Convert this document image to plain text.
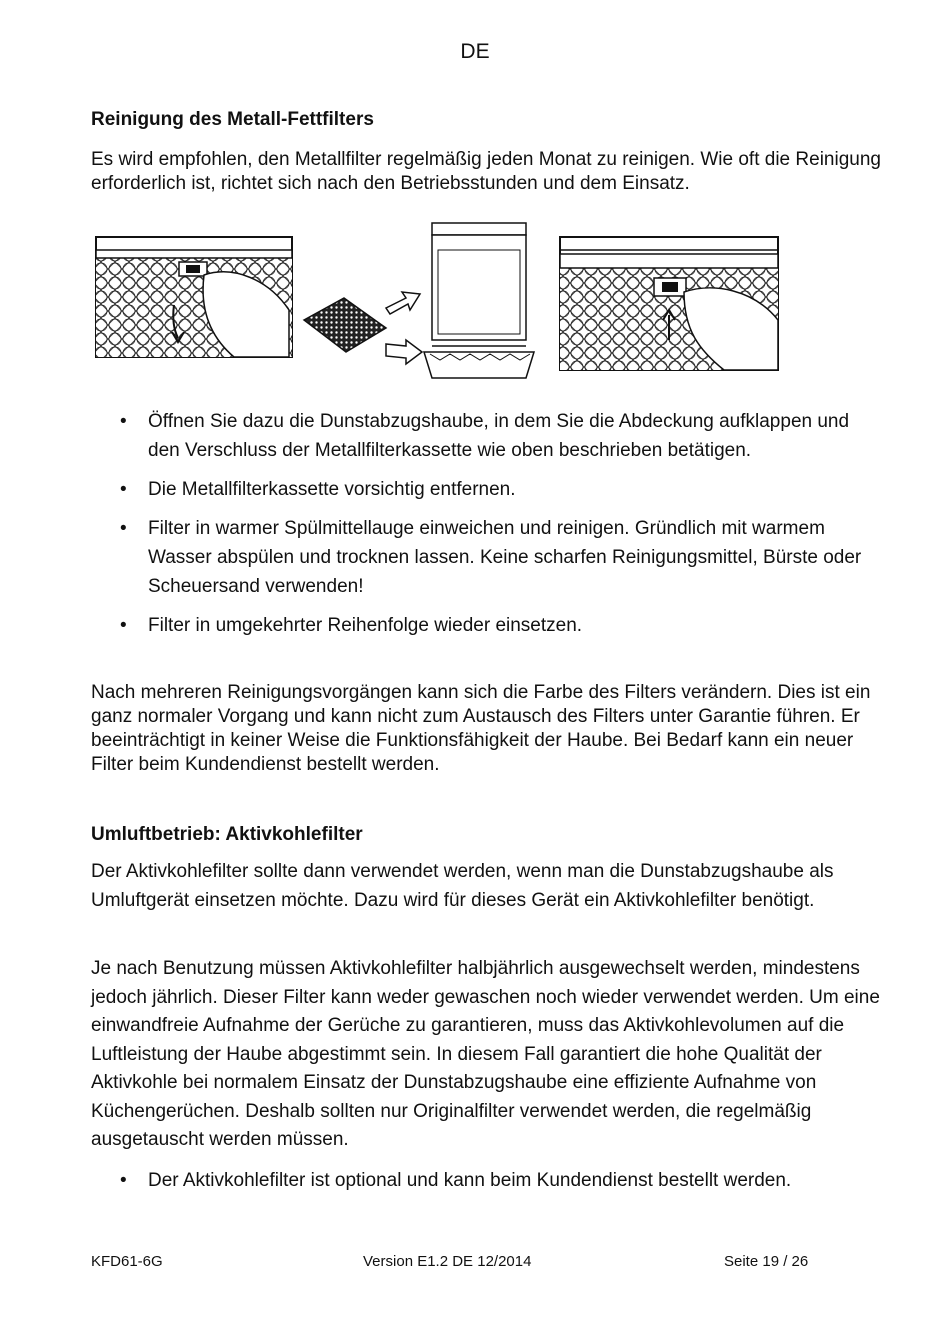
DE
Reinigung des Metall-Fettfilters
Es wird empfohlen, den Metallfilter regelmäßig jeden Monat zu reinigen. Wie oft die Reinigung erforderlich ist, richtet sich nach den Betriebsstunden und dem Einsatz.
• Öffnen Sie dazu die Dunstabzugshaube, in dem Sie die Abdeckung aufklappen und den Verschluss der Metallfilterkassette wie oben beschrieben betätigen.
• Die Metallfilterkassette vorsichtig entfernen.
• Filter in warmer Spülmittellauge einweichen und reinigen. Gründlich mit warmem Wasser abspülen und trocknen lassen. Keine scharfen Reinigungsmittel, Bürste oder Scheuersand verwenden!
• Filter in umgekehrter Reihenfolge wieder einsetzen.
Nach mehreren Reinigungsvorgängen kann sich die Farbe des Filters verändern. Dies ist ein ganz normaler Vorgang und kann nicht zum Austausch des Filters unter Garantie führen. Er beeinträchtigt in keiner Weise die Funktionsfähigkeit der Haube. Bei Bedarf kann ein neuer Filter beim Kundendienst bestellt werden.
Umluftbetrieb: Aktivkohlefilter
Der Aktivkohlefilter sollte dann verwendet werden, wenn man die Dunstabzugshaube als Umluftgerät einsetzen möchte. Dazu wird für dieses Gerät ein Aktivkohlefilter benötigt.
Je nach Benutzung müssen Aktivkohlefilter halbjährlich ausgewechselt werden, mindestens jedoch jährlich. Dieser Filter kann weder gewaschen noch wieder verwendet werden. Um eine einwandfreie Aufnahme der Gerüche zu garantieren, muss das Aktivkohlevolumen auf die Luftleistung der Haube abgestimmt sein. In diesem Fall garantiert die hohe Qualität der Aktivkohle bei normalem Einsatz der Dunstabzugshaube eine effiziente Aufnahme von Küchengerüchen. Deshalb sollten nur Originalfilter verwendet werden, die regelmäßig ausgetauscht werden müssen.
• Der Aktivkohlefilter ist optional und kann beim Kundendienst bestellt werden.
KFD61-6G	Version E1.2 DE 12/2014	Seite 19 / 26
